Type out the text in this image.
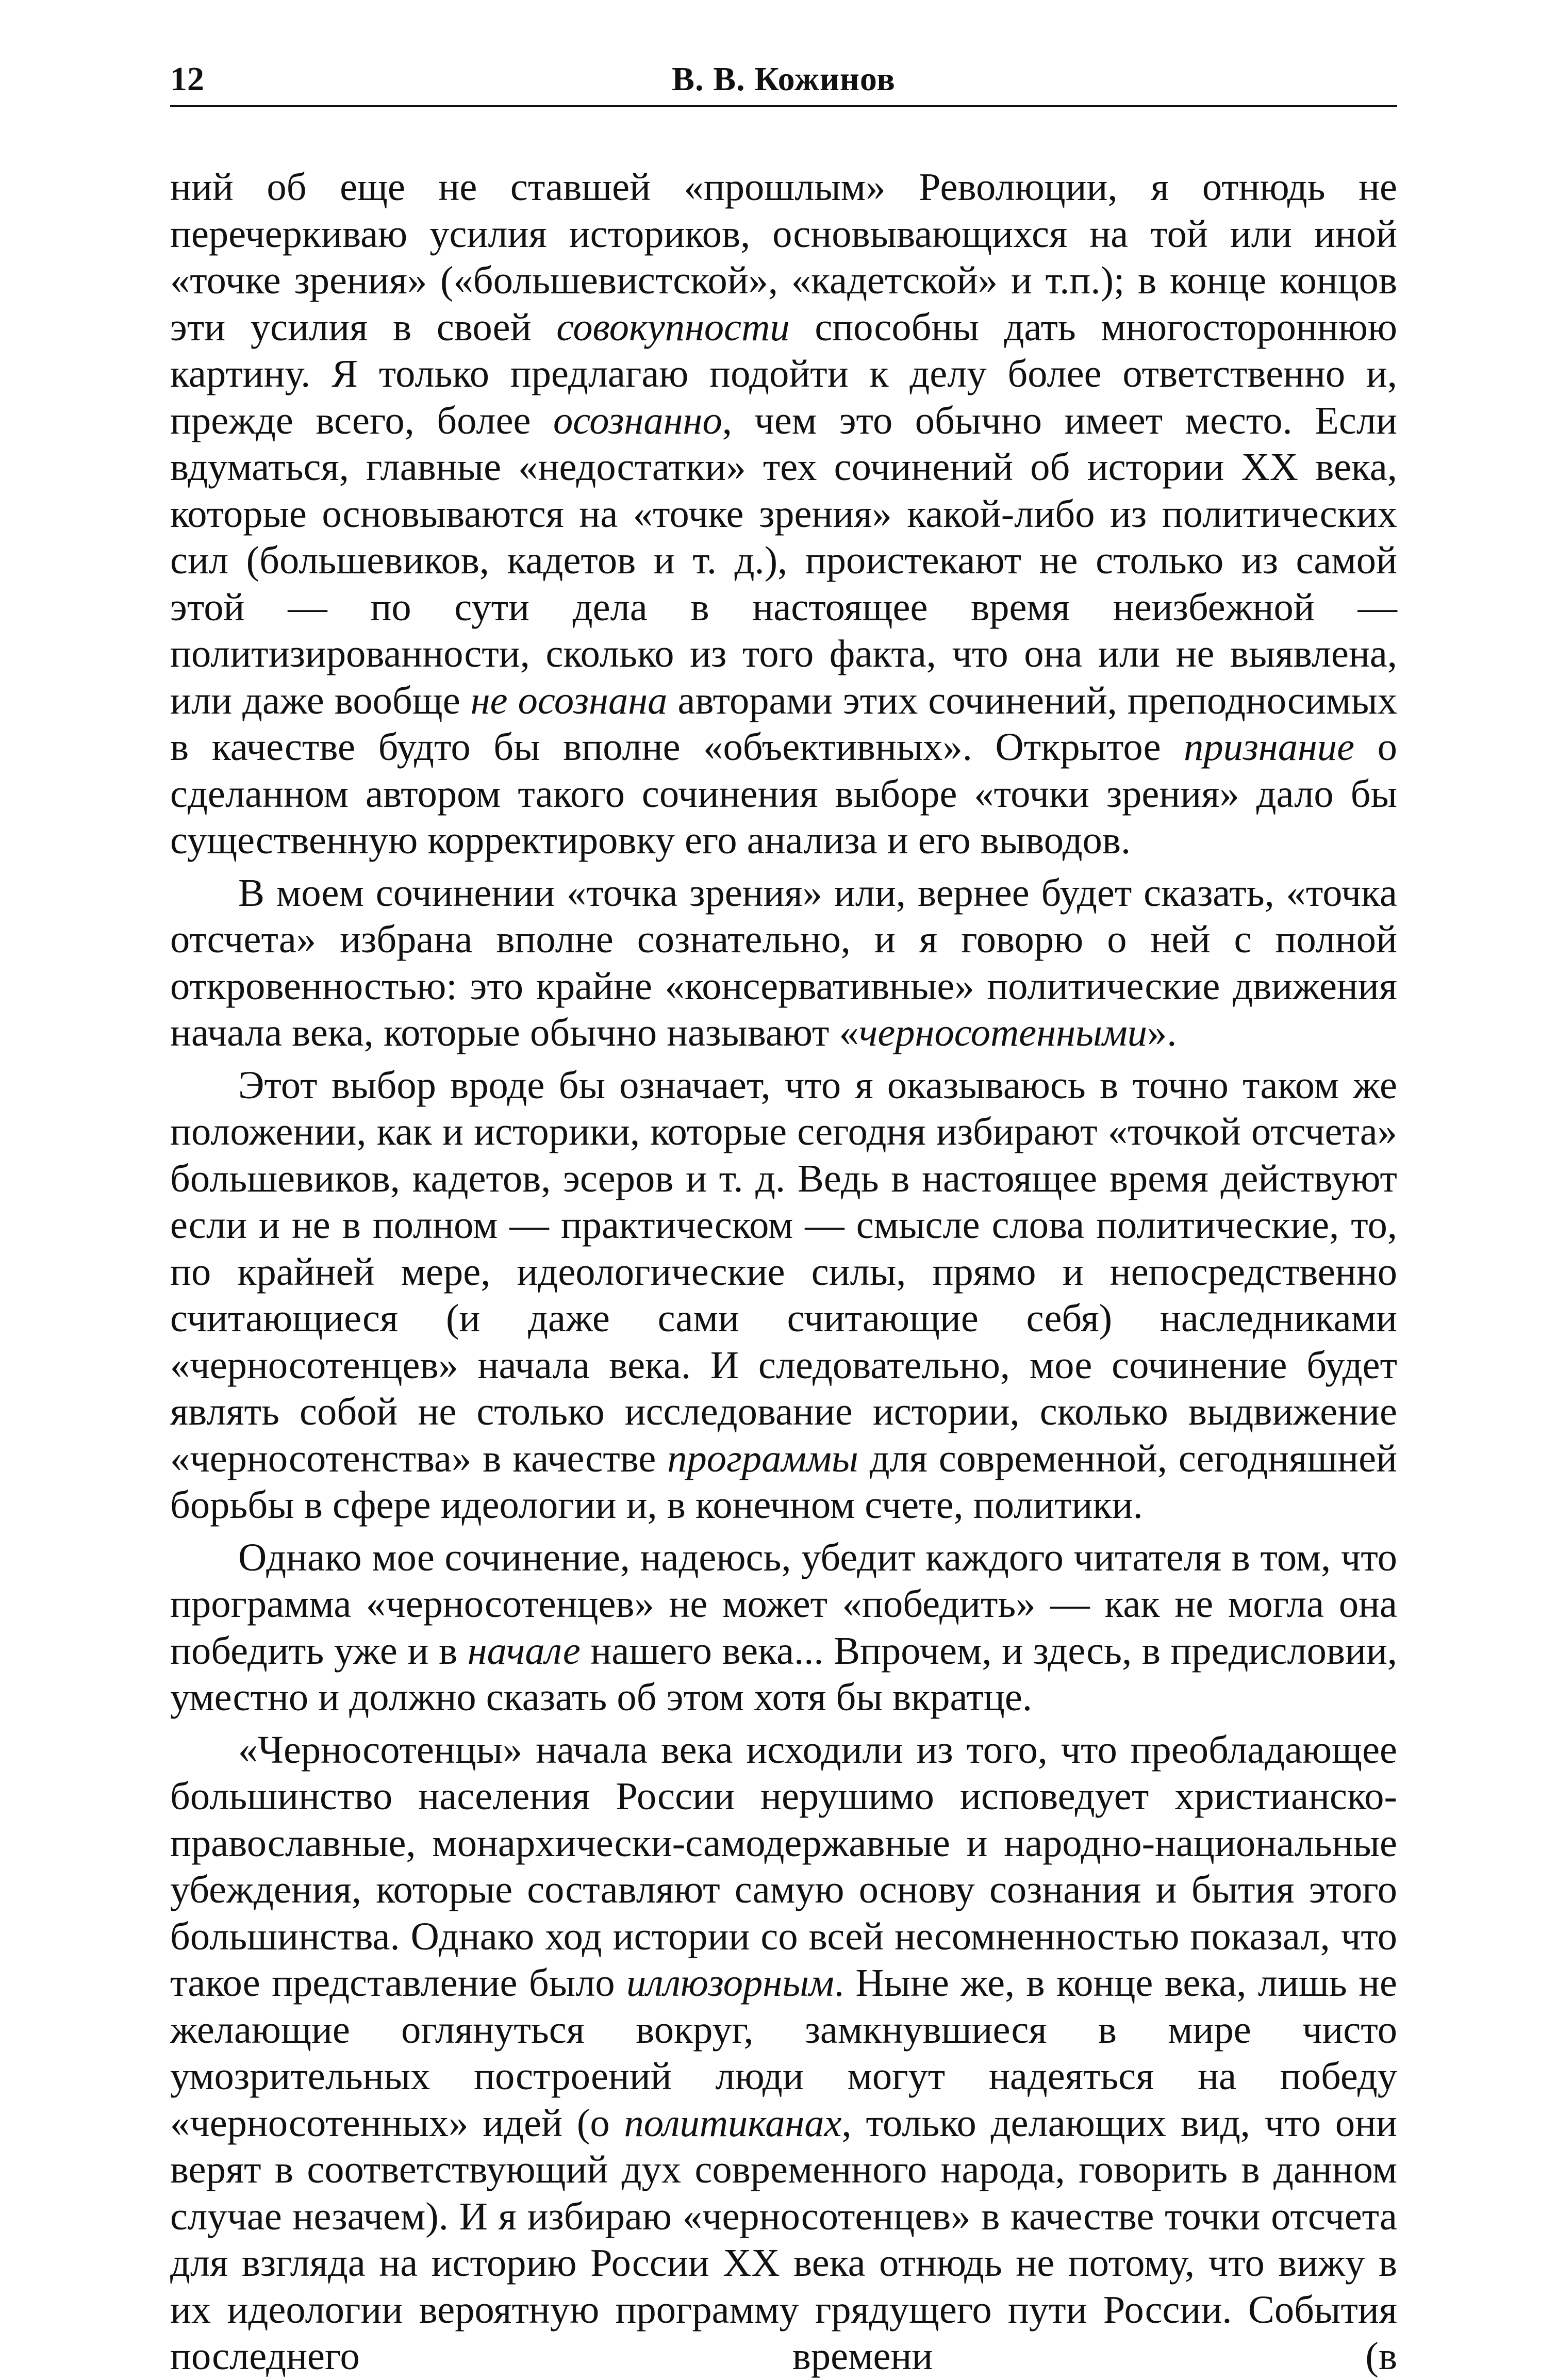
12	В. В. Кожинов

ний об еще не ставшей «прошлым» Революции, я отнюдь не перечеркиваю усилия историков, основывающихся на той или иной «точке зрения» («большевистской», «кадетской» и т.п.); в конце концов эти усилия в своей совокупности способны дать многостороннюю картину. Я только предлагаю подойти к делу более ответственно и, прежде всего, более осознанно, чем это обычно имеет место. Если вдуматься, главные «недостатки» тех сочинений об истории XX века, которые основываются на «точке зрения» какой-либо из политических сил (большевиков, кадетов и т. д.), проистекают не столько из самой этой — по сути дела в настоящее время неизбежной — политизированности, сколько из того факта, что она или не выявлена, или даже вообще не осознана авторами этих сочинений, преподносимых в качестве будто бы вполне «объективных». Открытое признание о сделанном автором такого сочинения выборе «точки зрения» дало бы существенную корректировку его анализа и его выводов.

В моем сочинении «точка зрения» или, вернее будет сказать, «точка отсчета» избрана вполне сознательно, и я говорю о ней с полной откровенностью: это крайне «консервативные» политические движения начала века, которые обычно называют «черносотенными».

Этот выбор вроде бы означает, что я оказываюсь в точно таком же положении, как и историки, которые сегодня избирают «точкой отсчета» большевиков, кадетов, эсеров и т. д. Ведь в настоящее время действуют если и не в полном — практическом — смысле слова политические, то, по крайней мере, идеологические силы, прямо и непосредственно считающиеся (и даже сами считающие себя) наследниками «черносотенцев» начала века. И следовательно, мое сочинение будет являть собой не столько исследование истории, сколько выдвижение «черносотенства» в качестве программы для современной, сегодняшней борьбы в сфере идеологии и, в конечном счете, политики.

Однако мое сочинение, надеюсь, убедит каждого читателя в том, что программа «черносотенцев» не может «победить» — как не могла она победить уже и в начале нашего века... Впрочем, и здесь, в предисловии, уместно и должно сказать об этом хотя бы вкратце.

«Черносотенцы» начала века исходили из того, что преобладающее большинство населения России нерушимо исповедует христианско-православные, монархически-самодержавные и народно-национальные убеждения, которые составляют самую основу сознания и бытия этого большинства. Однако ход истории со всей несомненностью показал, что такое представление было иллюзорным. Ныне же, в конце века, лишь не желающие оглянуться вокруг, замкнувшиеся в мире чисто умозрительных построений люди могут надеяться на победу «черносотенных» идей (о политиканах, только делающих вид, что они верят в соответствующий дух современного народа, говорить в данном случае незачем). И я избираю «черносотенцев» в качестве точки отсчета для взгляда на историю России XX века отнюдь не потому, что вижу в их идеологии вероятную программу грядущего пути России. События последнего времени (в
